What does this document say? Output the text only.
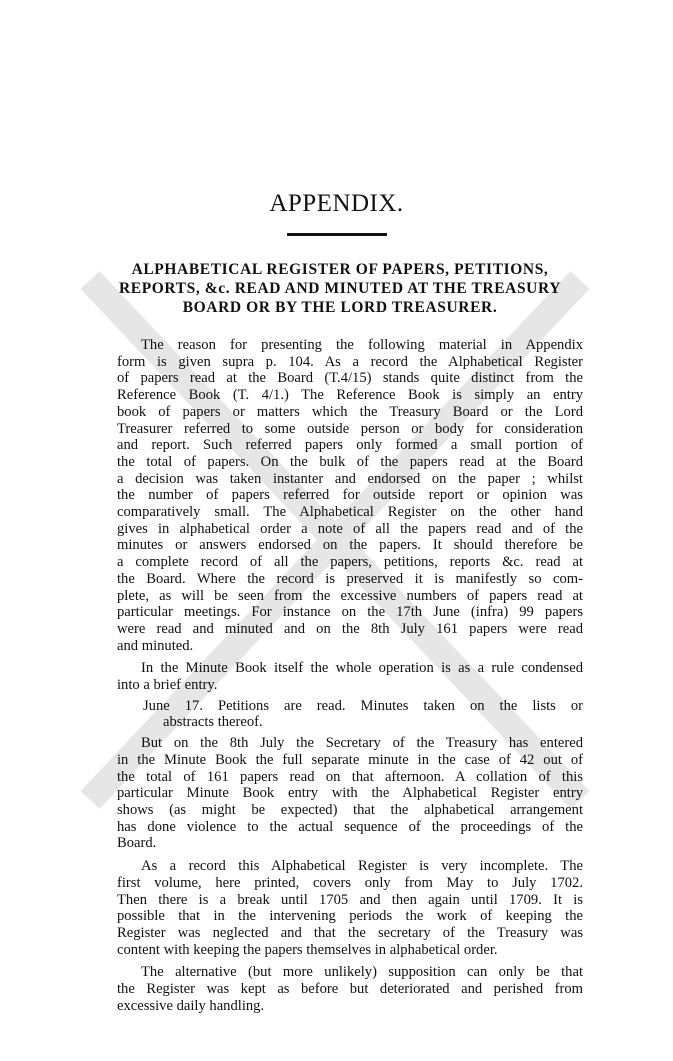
APPENDIX.
ALPHABETICAL REGISTER OF PAPERS, PETITIONS,
REPORTS, &c. READ AND MINUTED AT THE TREASURY
BOARD OR BY THE LORD TREASURER.

The reason for presenting the following material in Appendix
form is given supra p. 104. As a record the Alphabetical Register
of papers read at the Board (T.4/15) stands quite distinct from the
Reference Book (T. 4/1.) The Reference Book is simply an entry
book of papers or matters which the Treasury Board or the Lord
Treasurer referred to some outside person or body for consideration
and report. Such referred papers only formed a small portion of
the total of papers. On the bulk of the papers read at the Board
a decision was taken instanter and endorsed on the paper ; whilst
the number of papers referred for outside report or opinion was
comparatively small. The Alphabetical Register on the other hand
gives in alphabetical order a note of all the papers read and of the
minutes or answers endorsed on the papers. It should therefore be
a complete record of all the papers, petitions, reports &c. read at
the Board. Where the record is preserved it is manifestly so com-
plete, as will be seen from the excessive numbers of papers read at
particular meetings. For instance on the 17th June (infra) 99 papers
were read and minuted and on the 8th July 161 papers were read
and minuted.

In the Minute Book itself the whole operation is as a rule condensed
into a brief entry.

June 17. Petitions are read. Minutes taken on the lists or
abstracts thereof.

But on the 8th July the Secretary of the Treasury has entered
in the Minute Book the full separate minute in the case of 42 out of
the total of 161 papers read on that afternoon. A collation of this
particular Minute Book entry with the Alphabetical Register entry
shows (as might be expected) that the alphabetical arrangement
has done violence to the actual sequence of the proceedings of the
Board.

As a record this Alphabetical Register is very incomplete. The
first volume, here printed, covers only from May to July 1702.
Then there is a break until 1705 and then again until 1709. It is
possible that in the intervening periods the work of keeping the
Register was neglected and that the secretary of the Treasury was
content with keeping the papers themselves in alphabetical order.

The alternative (but more unlikely) supposition can only be that
the Register was kept as before but deteriorated and perished from
excessive daily handling.
